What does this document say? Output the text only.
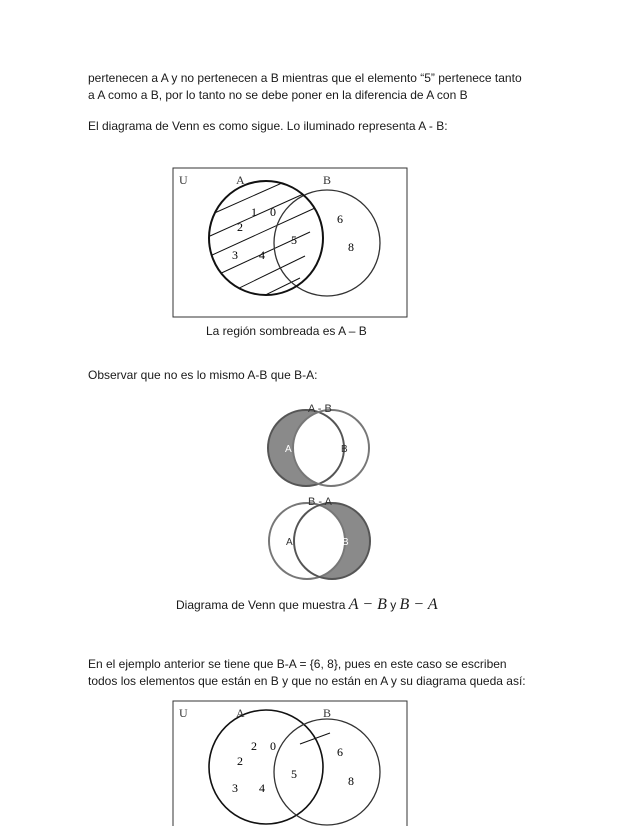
pertenecen a A y no pertenecen a B mientras que el elemento “5” pertenece tanto
a A como a B, por lo tanto no se debe poner en la diferencia de A con B

El diagrama de Venn es como sigue. Lo iluminado representa A - B:

U	A	B
1 0
2
3 4
5
6
8
A - B
A	B
B - A
A	B
U	A	B
2 0
2
3 4
5
6
8
La región sombreada es A – B

Observar que no es lo mismo A-B que B-A:

Diagrama de Venn que muestra A − B y B − A

En el ejemplo anterior se tiene que B-A = {6, 8}, pues en este caso se escriben
todos los elementos que están en B y que no están en A y su diagrama queda así:
